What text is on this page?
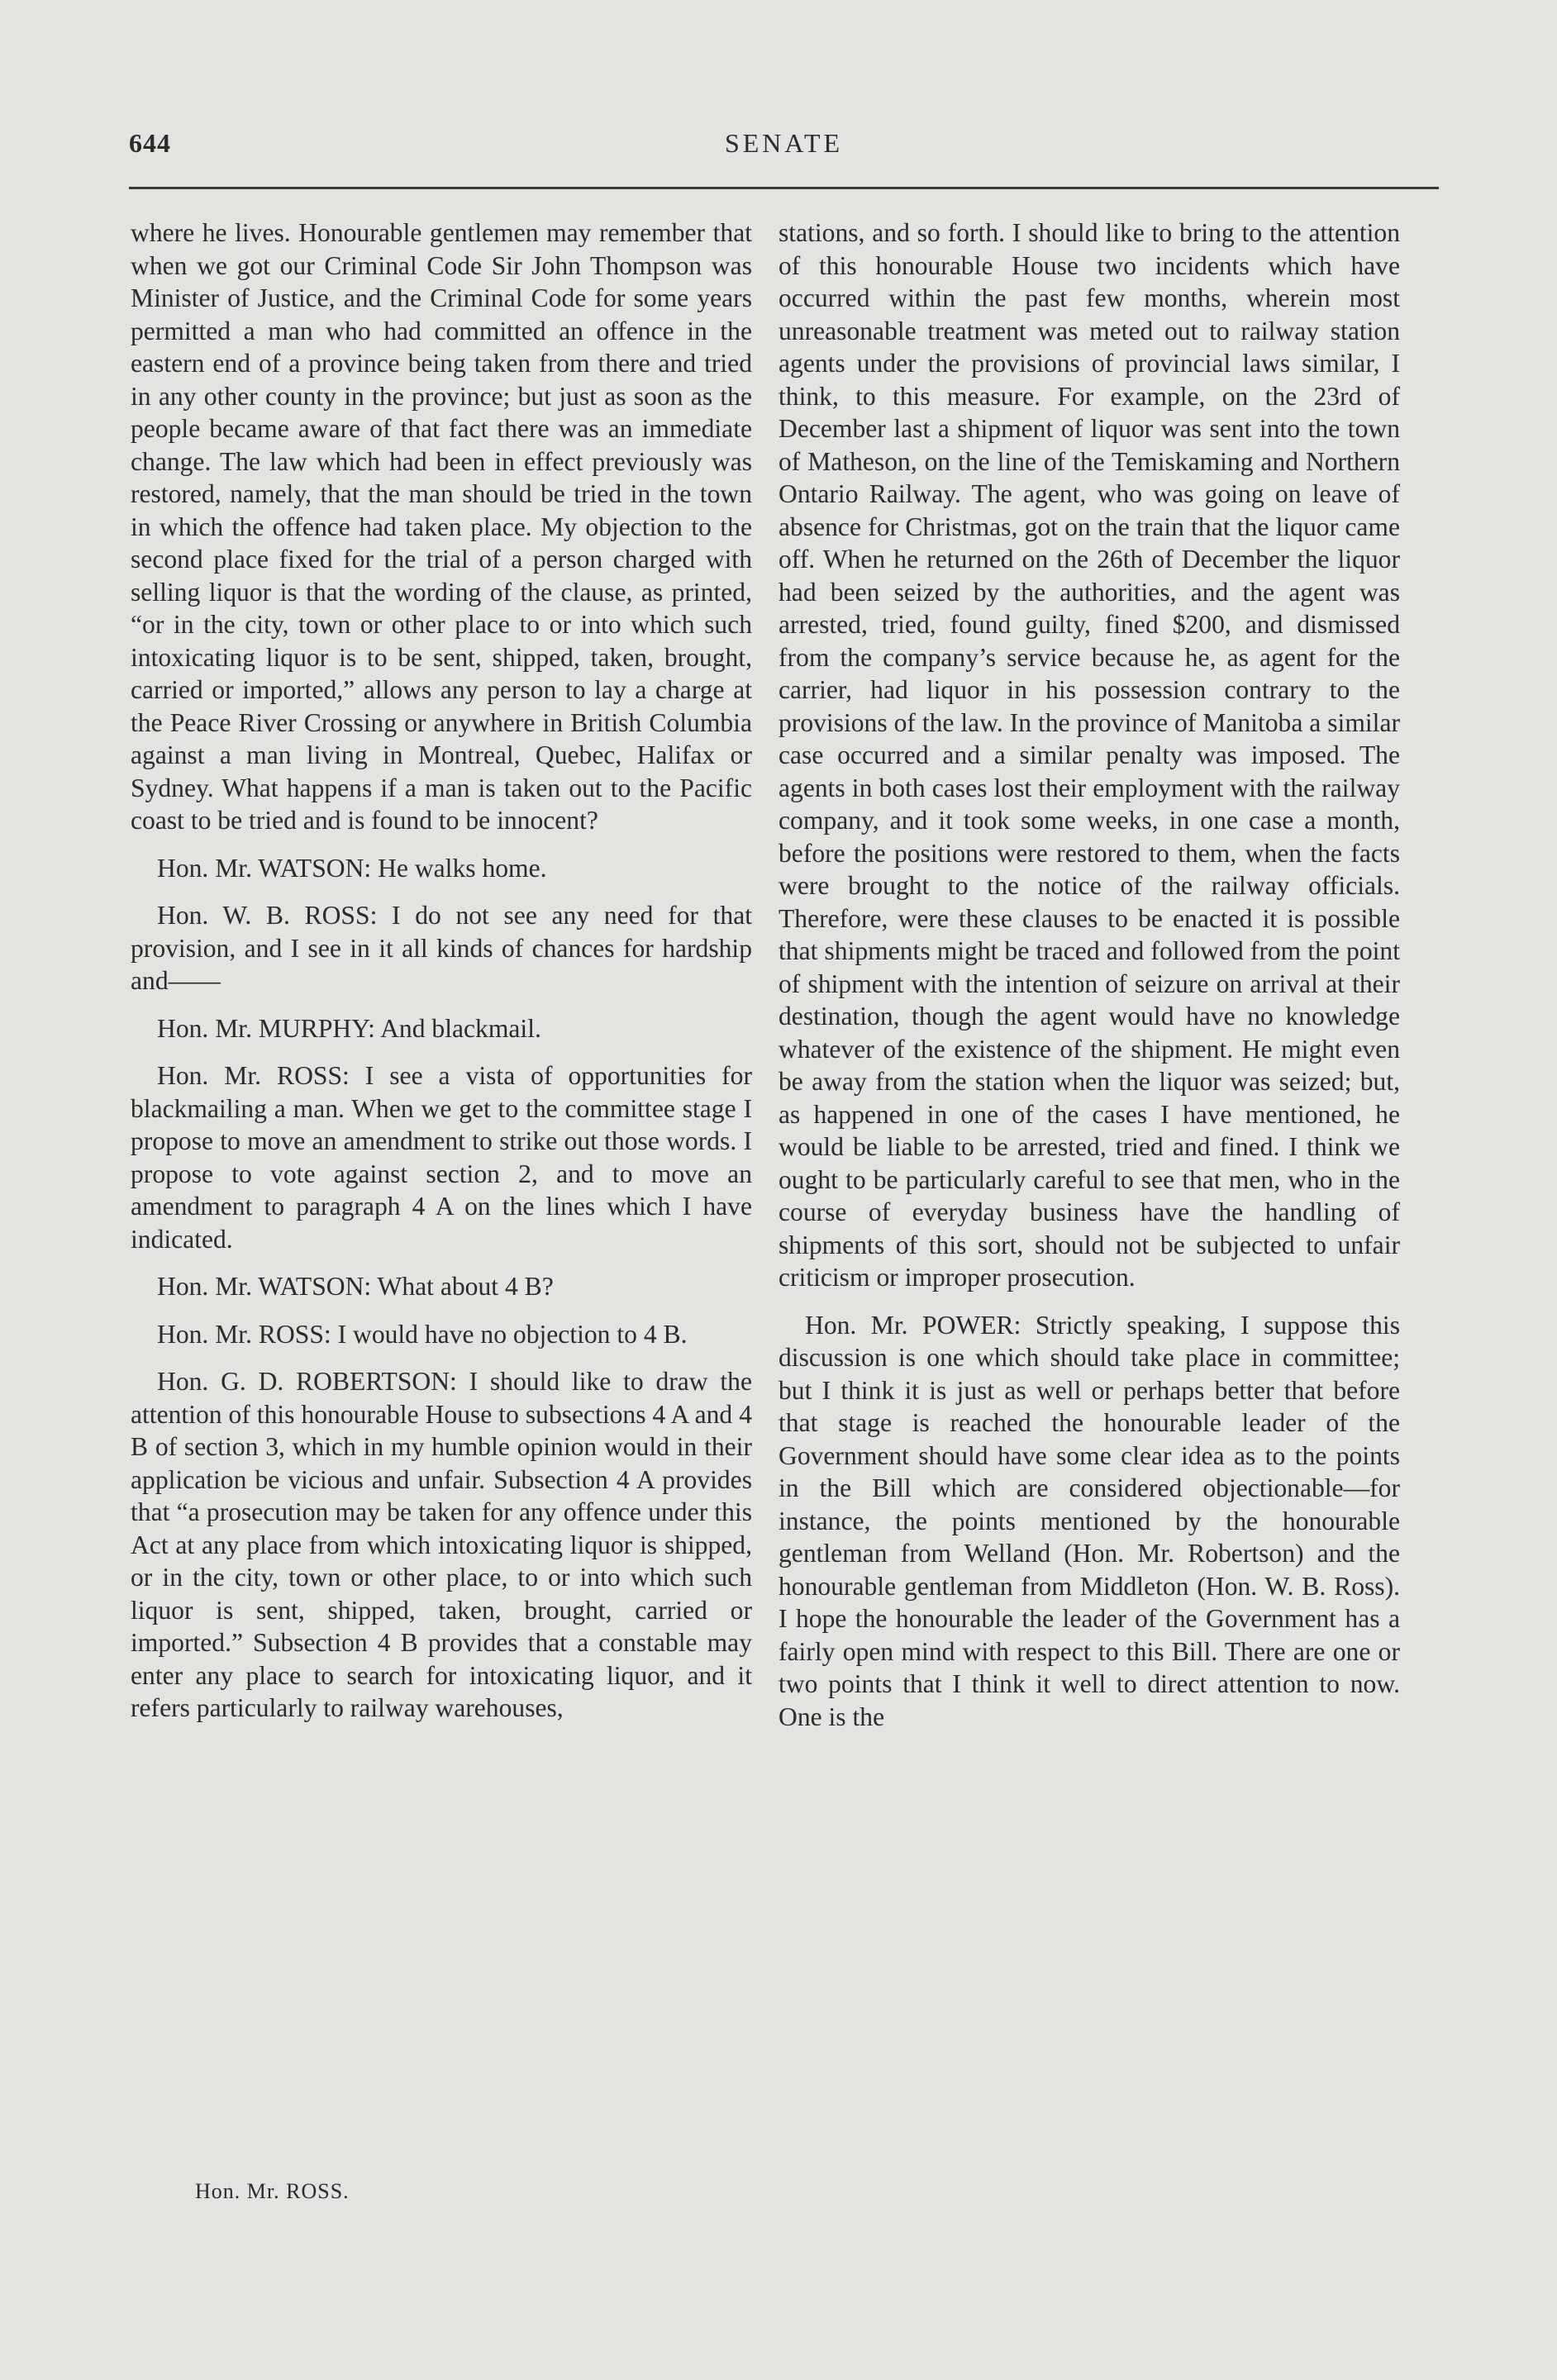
644	SENATE

where he lives. Honourable gentlemen may remember that when we got our Criminal Code Sir John Thompson was Minister of Justice, and the Criminal Code for some years permitted a man who had committed an offence in the eastern end of a province being taken from there and tried in any other county in the province; but just as soon as the people became aware of that fact there was an immediate change. The law which had been in effect previously was restored, namely, that the man should be tried in the town in which the offence had taken place. My objection to the second place fixed for the trial of a person charged with selling liquor is that the wording of the clause, as printed, “or in the city, town or other place to or into which such intoxicating liquor is to be sent, shipped, taken, brought, carried or imported,” allows any person to lay a charge at the Peace River Crossing or anywhere in British Columbia against a man living in Montreal, Quebec, Halifax or Sydney. What happens if a man is taken out to the Pacific coast to be tried and is found to be innocent?

Hon. Mr. WATSON: He walks home.

Hon. W. B. ROSS: I do not see any need for that provision, and I see in it all kinds of chances for hardship and——

Hon. Mr. MURPHY: And blackmail.

Hon. Mr. ROSS: I see a vista of opportunities for blackmailing a man. When we get to the committee stage I propose to move an amendment to strike out those words. I propose to vote against section 2, and to move an amendment to paragraph 4 A on the lines which I have indicated.

Hon. Mr. WATSON: What about 4 B?

Hon. Mr. ROSS: I would have no objection to 4 B.

Hon. G. D. ROBERTSON: I should like to draw the attention of this honourable House to subsections 4 A and 4 B of section 3, which in my humble opinion would in their application be vicious and unfair. Subsection 4 A provides that “a prosecution may be taken for any offence under this Act at any place from which intoxicating liquor is shipped, or in the city, town or other place, to or into which such liquor is sent, shipped, taken, brought, carried or imported.” Subsection 4 B provides that a constable may enter any place to search for intoxicating liquor, and it refers particularly to railway warehouses,

stations, and so forth. I should like to bring to the attention of this honourable House two incidents which have occurred within the past few months, wherein most unreasonable treatment was meted out to railway station agents under the provisions of provincial laws similar, I think, to this measure. For example, on the 23rd of December last a shipment of liquor was sent into the town of Matheson, on the line of the Temiskaming and Northern Ontario Railway. The agent, who was going on leave of absence for Christmas, got on the train that the liquor came off. When he returned on the 26th of December the liquor had been seized by the authorities, and the agent was arrested, tried, found guilty, fined $200, and dismissed from the company’s service because he, as agent for the carrier, had liquor in his possession contrary to the provisions of the law. In the province of Manitoba a similar case occurred and a similar penalty was imposed. The agents in both cases lost their employment with the railway company, and it took some weeks, in one case a month, before the positions were restored to them, when the facts were brought to the notice of the railway officials. Therefore, were these clauses to be enacted it is possible that shipments might be traced and followed from the point of shipment with the intention of seizure on arrival at their destination, though the agent would have no knowledge whatever of the existence of the shipment. He might even be away from the station when the liquor was seized; but, as happened in one of the cases I have mentioned, he would be liable to be arrested, tried and fined. I think we ought to be particularly careful to see that men, who in the course of everyday business have the handling of shipments of this sort, should not be subjected to unfair criticism or improper prosecution.

Hon. Mr. POWER: Strictly speaking, I suppose this discussion is one which should take place in committee; but I think it is just as well or perhaps better that before that stage is reached the honourable leader of the Government should have some clear idea as to the points in the Bill which are considered objectionable—for instance, the points mentioned by the honourable gentleman from Welland (Hon. Mr. Robertson) and the honourable gentleman from Middleton (Hon. W. B. Ross). I hope the honourable the leader of the Government has a fairly open mind with respect to this Bill. There are one or two points that I think it well to direct attention to now. One is the

Hon. Mr. ROSS.
